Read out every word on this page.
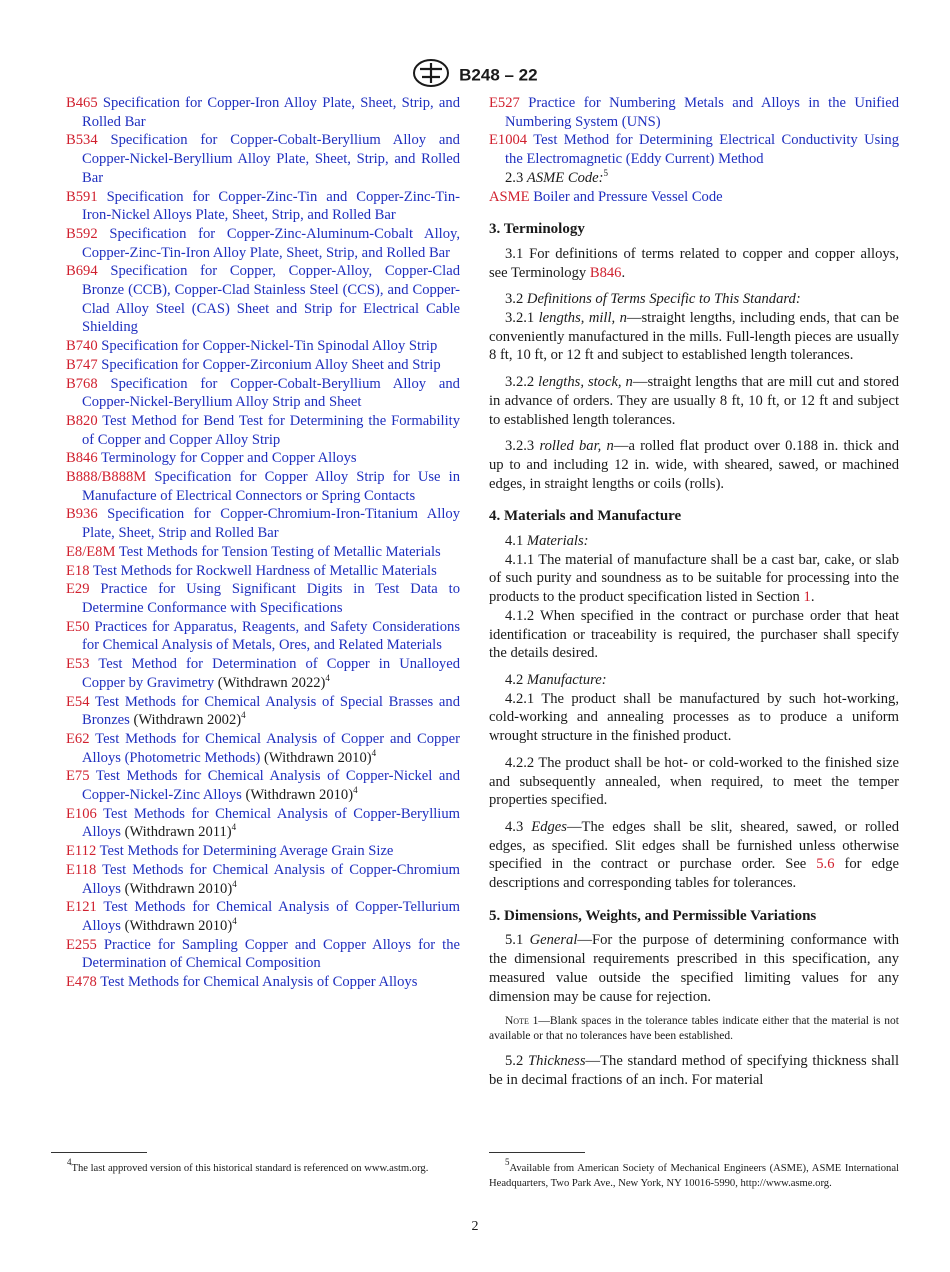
B248 – 22
B465 Specification for Copper-Iron Alloy Plate, Sheet, Strip, and Rolled Bar
B534 Specification for Copper-Cobalt-Beryllium Alloy and Copper-Nickel-Beryllium Alloy Plate, Sheet, Strip, and Rolled Bar
B591 Specification for Copper-Zinc-Tin and Copper-Zinc-Tin-Iron-Nickel Alloys Plate, Sheet, Strip, and Rolled Bar
B592 Specification for Copper-Zinc-Aluminum-Cobalt Alloy, Copper-Zinc-Tin-Iron Alloy Plate, Sheet, Strip, and Rolled Bar
B694 Specification for Copper, Copper-Alloy, Copper-Clad Bronze (CCB), Copper-Clad Stainless Steel (CCS), and Copper-Clad Alloy Steel (CAS) Sheet and Strip for Electrical Cable Shielding
B740 Specification for Copper-Nickel-Tin Spinodal Alloy Strip
B747 Specification for Copper-Zirconium Alloy Sheet and Strip
B768 Specification for Copper-Cobalt-Beryllium Alloy and Copper-Nickel-Beryllium Alloy Strip and Sheet
B820 Test Method for Bend Test for Determining the Formability of Copper and Copper Alloy Strip
B846 Terminology for Copper and Copper Alloys
B888/B888M Specification for Copper Alloy Strip for Use in Manufacture of Electrical Connectors or Spring Contacts
B936 Specification for Copper-Chromium-Iron-Titanium Alloy Plate, Sheet, Strip and Rolled Bar
E8/E8M Test Methods for Tension Testing of Metallic Materials
E18 Test Methods for Rockwell Hardness of Metallic Materials
E29 Practice for Using Significant Digits in Test Data to Determine Conformance with Specifications
E50 Practices for Apparatus, Reagents, and Safety Considerations for Chemical Analysis of Metals, Ores, and Related Materials
E53 Test Method for Determination of Copper in Unalloyed Copper by Gravimetry (Withdrawn 2022)$^4$
E54 Test Methods for Chemical Analysis of Special Brasses and Bronzes (Withdrawn 2002)$^4$
E62 Test Methods for Chemical Analysis of Copper and Copper Alloys (Photometric Methods) (Withdrawn 2010)$^4$
E75 Test Methods for Chemical Analysis of Copper-Nickel and Copper-Nickel-Zinc Alloys (Withdrawn 2010)$^4$
E106 Test Methods for Chemical Analysis of Copper-Beryllium Alloys (Withdrawn 2011)$^4$
E112 Test Methods for Determining Average Grain Size
E118 Test Methods for Chemical Analysis of Copper-Chromium Alloys (Withdrawn 2010)$^4$
E121 Test Methods for Chemical Analysis of Copper-Tellurium Alloys (Withdrawn 2010)$^4$
E255 Practice for Sampling Copper and Copper Alloys for the Determination of Chemical Composition
E478 Test Methods for Chemical Analysis of Copper Alloys
E527 Practice for Numbering Metals and Alloys in the Unified Numbering System (UNS)
E1004 Test Method for Determining Electrical Conductivity Using the Electromagnetic (Eddy Current) Method

2.3 ASME Code:$^5$

ASME Boiler and Pressure Vessel Code
3. Terminology

3.1 For definitions of terms related to copper and copper alloys, see Terminology B846.

3.2 Definitions of Terms Specific to This Standard:

3.2.1 lengths, mill, n—straight lengths, including ends, that can be conveniently manufactured in the mills. Full-length pieces are usually 8 ft, 10 ft, or 12 ft and subject to established length tolerances.

3.2.2 lengths, stock, n—straight lengths that are mill cut and stored in advance of orders. They are usually 8 ft, 10 ft, or 12 ft and subject to established length tolerances.

3.2.3 rolled bar, n—a rolled flat product over 0.188 in. thick and up to and including 12 in. wide, with sheared, sawed, or machined edges, in straight lengths or coils (rolls).

4. Materials and Manufacture

4.1 Materials:

4.1.1 The material of manufacture shall be a cast bar, cake, or slab of such purity and soundness as to be suitable for processing into the products to the product specification listed in Section 1.

4.1.2 When specified in the contract or purchase order that heat identification or traceability is required, the purchaser shall specify the details desired.

4.2 Manufacture:

4.2.1 The product shall be manufactured by such hot-working, cold-working and annealing processes as to produce a uniform wrought structure in the finished product.

4.2.2 The product shall be hot- or cold-worked to the finished size and subsequently annealed, when required, to meet the temper properties specified.

4.3 Edges—The edges shall be slit, sheared, sawed, or rolled edges, as specified. Slit edges shall be furnished unless otherwise specified in the contract or purchase order. See 5.6 for edge descriptions and corresponding tables for tolerances.

5. Dimensions, Weights, and Permissible Variations

5.1 General—For the purpose of determining conformance with the dimensional requirements prescribed in this specification, any measured value outside the specified limiting values for any dimension may be cause for rejection.

Note 1—Blank spaces in the tolerance tables indicate either that the material is not available or that no tolerances have been established.

5.2 Thickness—The standard method of specifying thickness shall be in decimal fractions of an inch. For material

$^4$The last approved version of this historical standard is referenced on www.astm.org.
$^5$Available from American Society of Mechanical Engineers (ASME), ASME International Headquarters, Two Park Ave., New York, NY 10016-5990, http://www.asme.org.
2
